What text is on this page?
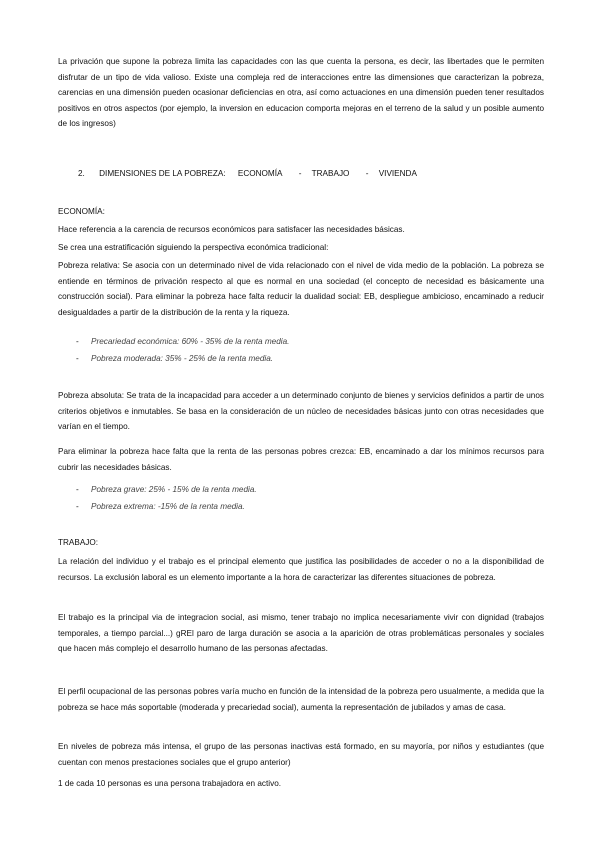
La privación que supone la pobreza limita las capacidades con las que cuenta la persona, es decir, las libertades que le permiten disfrutar de un tipo de vida valioso. Existe una compleja red de interacciones entre las dimensiones que caracterizan la pobreza, carencias en una dimensión pueden ocasionar deficiencias en otra, así como actuaciones en una dimensión pueden tener resultados positivos en otros aspectos (por ejemplo, la inversion en educacion comporta mejoras en el terreno de la salud y un posible aumento de los ingresos)
2. DIMENSIONES DE LA POBREZA: ECONOMÍA - TRABAJO - VIVIENDA
ECONOMÍA:
Hace referencia a la carencia de recursos económicos para satisfacer las necesidades básicas.
Se crea una estratificación siguiendo la perspectiva económica tradicional:
Pobreza relativa: Se asocia con un determinado nivel de vida relacionado con el nivel de vida medio de la población. La pobreza se entiende en términos de privación respecto al que es normal en una sociedad (el concepto de necesidad es básicamente una construcción social). Para eliminar la pobreza hace falta reducir la dualidad social: EB, despliegue ambicioso, encaminado a reducir desigualdades a partir de la distribución de la renta y la riqueza.
- Precariedad económica: 60% - 35% de la renta media.
- Pobreza moderada: 35% - 25% de la renta media.
Pobreza absoluta: Se trata de la incapacidad para acceder a un determinado conjunto de bienes y servicios definidos a partir de unos criterios objetivos e inmutables. Se basa en la consideración de un núcleo de necesidades básicas junto con otras necesidades que varían en el tiempo.
Para eliminar la pobreza hace falta que la renta de las personas pobres crezca: EB, encaminado a dar los mínimos recursos para cubrir las necesidades básicas.
- Pobreza grave: 25% - 15% de la renta media.
- Pobreza extrema: -15% de la renta media.
TRABAJO:
La relación del individuo y el trabajo es el principal elemento que justifica las posibilidades de acceder o no a la disponibilidad de recursos. La exclusión laboral es un elemento importante a la hora de caracterizar las diferentes situaciones de pobreza.
El trabajo es la principal via de integracion social, asi mismo, tener trabajo no implica necesariamente vivir con dignidad (trabajos temporales, a tiempo parcial...) gREl paro de larga duración se asocia a la aparición de otras problemáticas personales y sociales que hacen más complejo el desarrollo humano de las personas afectadas.
El perfil ocupacional de las personas pobres varía mucho en función de la intensidad de la pobreza pero usualmente, a medida que la pobreza se hace más soportable (moderada y precariedad social), aumenta la representación de jubilados y amas de casa.
En niveles de pobreza más intensa, el grupo de las personas inactivas está formado, en su mayoría, por niños y estudiantes (que cuentan con menos prestaciones sociales que el grupo anterior)
1 de cada 10 personas es una persona trabajadora en activo.
